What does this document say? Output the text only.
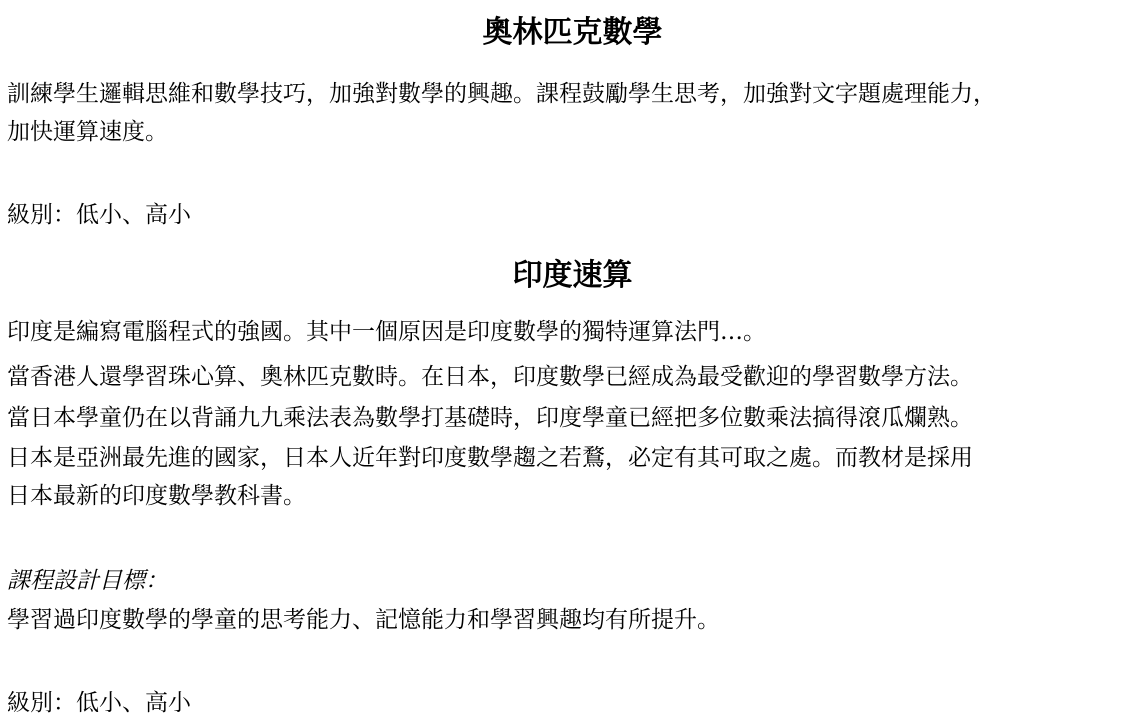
奧林匹克數學
訓練學生邏輯思維和數學技巧，加強對數學的興趣。課程鼓勵學生思考，加強對文字題處理能力，
加快運算速度。
級別：低小、高小
印度速算
印度是編寫電腦程式的強國。其中一個原因是印度數學的獨特運算法門…。
當香港人還學習珠心算、奧林匹克數時。在日本，印度數學已經成為最受歡迎的學習數學方法。
當日本學童仍在以背誦九九乘法表為數學打基礎時，印度學童已經把多位數乘法搞得滾瓜爛熟。
日本是亞洲最先進的國家，日本人近年對印度數學趨之若鶩，必定有其可取之處。而教材是採用
日本最新的印度數學教科書。
課程設計目標：
學習過印度數學的學童的思考能力、記憶能力和學習興趣均有所提升。
級別：低小、高小
